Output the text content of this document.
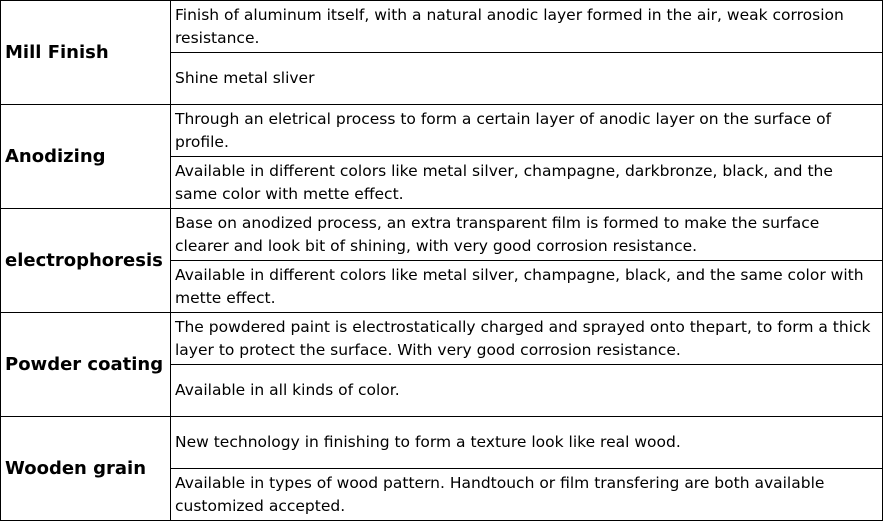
Mill Finish	Finish of aluminum itself, with a natural anodic layer formed in the air, weak corrosion resistance.
	Shine metal sliver
Anodizing	Through an eletrical process to form a certain layer of anodic layer on the surface of profile.
	Available in different colors like metal silver, champagne, darkbronze, black, and the same color with mette effect.
electrophoresis	Base on anodized process, an extra transparent film is formed to make the surface clearer and look bit of shining, with very good corrosion resistance.
	Available in different colors like metal silver, champagne, black, and the same color with mette effect.
Powder coating	The powdered paint is electrostatically charged and sprayed onto thepart, to form a thick layer to protect the surface. With very good corrosion resistance.
	Available in all kinds of color.
Wooden grain	New technology in finishing to form a texture look like real wood.
	Available in types of wood pattern. Handtouch or film transfering are both available customized accepted.
